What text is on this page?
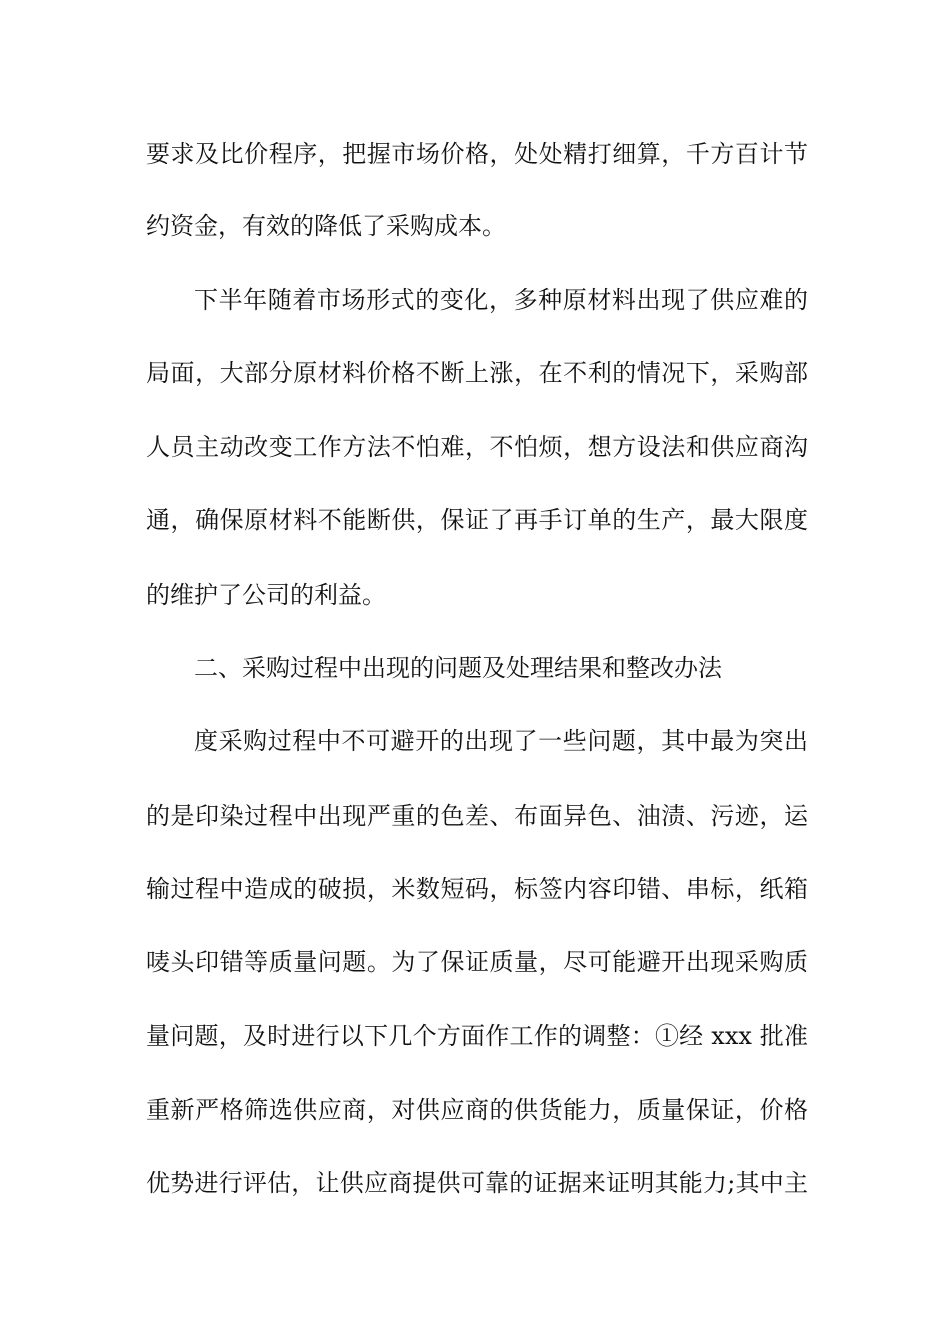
要求及比价程序，把握市场价格，处处精打细算，千方百计节
约资金，有效的降低了采购成本。
下半年随着市场形式的变化，多种原材料出现了供应难的
局面，大部分原材料价格不断上涨，在不利的情况下，采购部
人员主动改变工作方法不怕难，不怕烦，想方设法和供应商沟
通，确保原材料不能断供，保证了再手订单的生产，最大限度
的维护了公司的利益。
二、采购过程中出现的问题及处理结果和整改办法
度采购过程中不可避开的出现了一些问题，其中最为突出
的是印染过程中出现严重的色差、布面异色、油渍、污迹，运
输过程中造成的破损，米数短码，标签内容印错、串标，纸箱
唛头印错等质量问题。为了保证质量，尽可能避开出现采购质
量问题，及时进行以下几个方面作工作的调整：①经 xxx 批准
重新严格筛选供应商，对供应商的供货能力，质量保证，价格
优势进行评估，让供应商提供可靠的证据来证明其能力;其中主
